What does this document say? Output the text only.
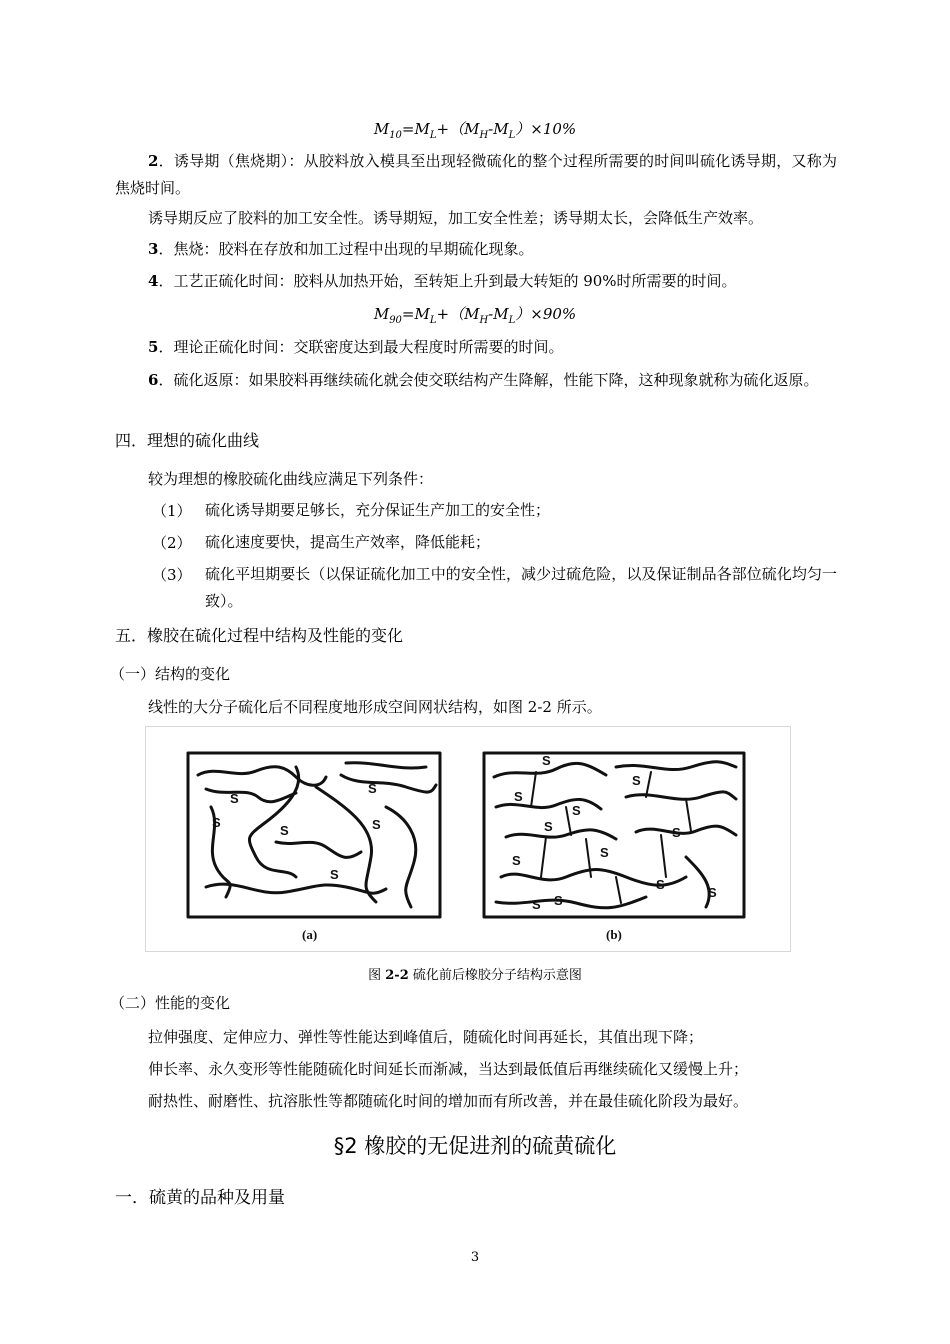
$M_{10}=M_L+(M_H-M_L)\times 10\%$
2．诱导期（焦烧期）：从胶料放入模具至出现轻微硫化的整个过程所需要的时间叫硫化诱导期，又称为焦烧时间。
诱导期反应了胶料的加工安全性。诱导期短，加工安全性差；诱导期太长，会降低生产效率。
3．焦烧：胶料在存放和加工过程中出现的早期硫化现象。
4．工艺正硫化时间：胶料从加热开始，至转矩上升到最大转矩的 90%时所需要的时间。
$M_{90}=M_L+(M_H-M_L)\times 90\%$
5．理论正硫化时间：交联密度达到最大程度时所需要的时间。
6．硫化返原：如果胶料再继续硫化就会使交联结构产生降解，性能下降，这种现象就称为硫化返原。
四．理想的硫化曲线
较为理想的橡胶硫化曲线应满足下列条件：
（1） 硫化诱导期要足够长，充分保证生产加工的安全性；
（2） 硫化速度要快，提高生产效率，降低能耗；
（3） 硫化平坦期要长（以保证硫化加工中的安全性，减少过硫危险，以及保证制品各部位硫化均匀一致）。
五．橡胶在硫化过程中结构及性能的变化
（一）结构的变化
线性的大分子硫化后不同程度地形成空间网状结构，如图 2-2 所示。
S
S
S
S
S
S
S
S
S
S
S
S
S S
S
S
S
S
(a)	(b)
图 2-2 硫化前后橡胶分子结构示意图
（二）性能的变化
拉伸强度、定伸应力、弹性等性能达到峰值后，随硫化时间再延长，其值出现下降；
伸长率、永久变形等性能随硫化时间延长而渐减，当达到最低值后再继续硫化又缓慢上升；
耐热性、耐磨性、抗溶胀性等都随硫化时间的增加而有所改善，并在最佳硫化阶段为最好。
§2 橡胶的无促进剂的硫黄硫化
一．硫黄的品种及用量
3
